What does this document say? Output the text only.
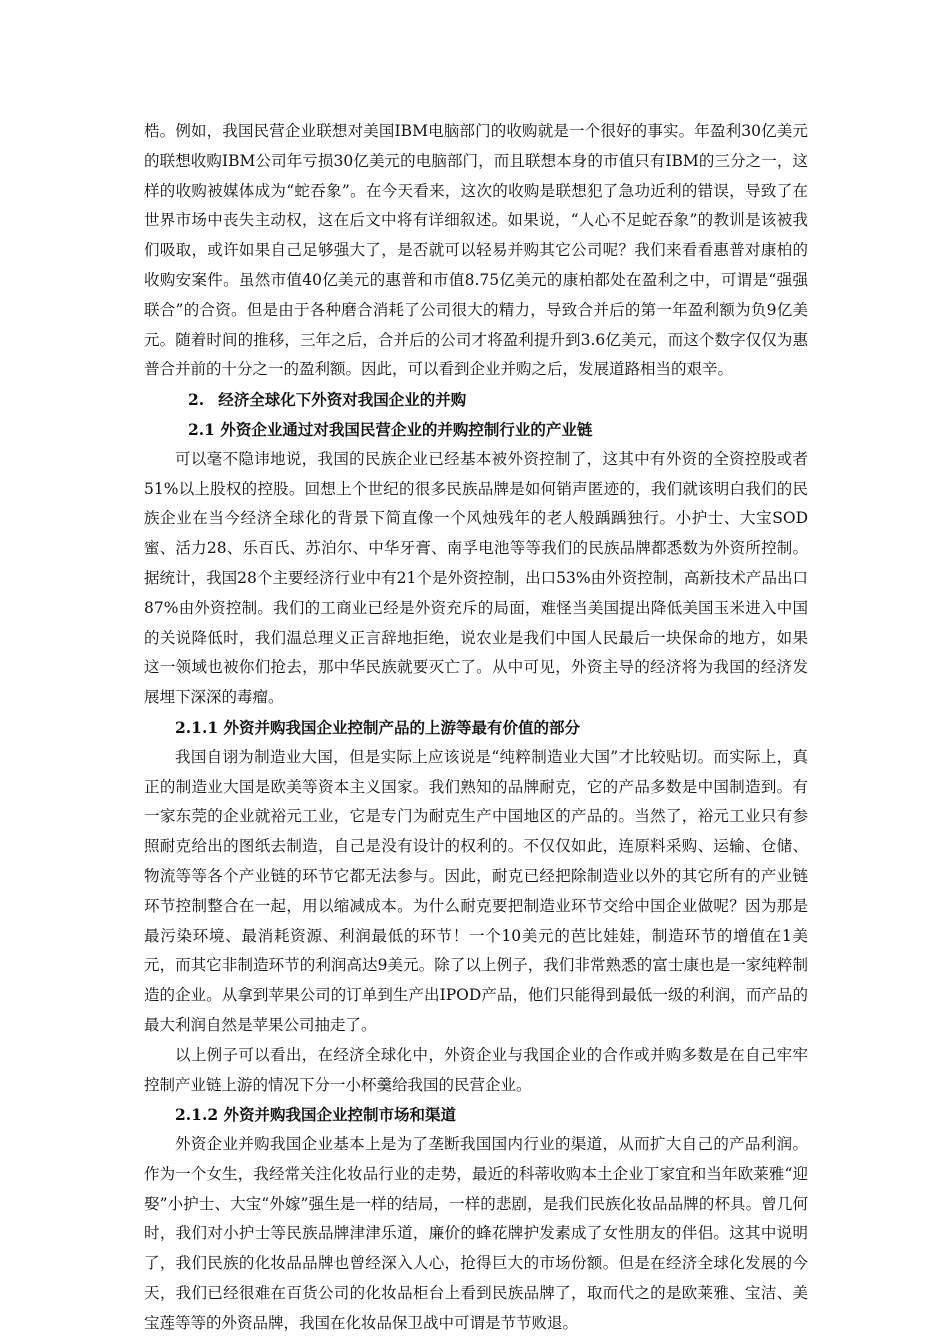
梏。例如，我国民营企业联想对美国IBM电脑部门的收购就是一个很好的事实。年盈利30亿美元的联想收购IBM公司年亏损30亿美元的电脑部门，而且联想本身的市值只有IBM的三分之一，这样的收购被媒体成为“蛇吞象”。在今天看来，这次的收购是联想犯了急功近利的错误，导致了在世界市场中丧失主动权，这在后文中将有详细叙述。如果说，“人心不足蛇吞象”的教训是该被我们吸取，或许如果自己足够强大了，是否就可以轻易并购其它公司呢？我们来看看惠普对康柏的收购安案件。虽然市值40亿美元的惠普和市值8.75亿美元的康柏都处在盈利之中，可谓是“强强联合”的合资。但是由于各种磨合消耗了公司很大的精力，导致合并后的第一年盈利额为负9亿美元。随着时间的推移，三年之后，合并后的公司才将盈利提升到3.6亿美元，而这个数字仅仅为惠普合并前的十分之一的盈利额。因此，可以看到企业并购之后，发展道路相当的艰辛。

2. 经济全球化下外资对我国企业的并购

2.1 外资企业通过对我国民营企业的并购控制行业的产业链

可以毫不隐讳地说，我国的民族企业已经基本被外资控制了，这其中有外资的全资控股或者51%以上股权的控股。回想上个世纪的很多民族品牌是如何销声匿迹的，我们就该明白我们的民族企业在当今经济全球化的背景下简直像一个风烛残年的老人般踽踽独行。小护士、大宝SOD蜜、活力28、乐百氏、苏泊尔、中华牙膏、南孚电池等等我们的民族品牌都悉数为外资所控制。据统计，我国28个主要经济行业中有21个是外资控制，出口53%由外资控制，高新技术产品出口87%由外资控制。我们的工商业已经是外资充斥的局面，难怪当美国提出降低美国玉米进入中国的关说降低时，我们温总理义正言辞地拒绝，说农业是我们中国人民最后一块保命的地方，如果这一领域也被你们抢去，那中华民族就要灭亡了。从中可见，外资主导的经济将为我国的经济发展埋下深深的毒瘤。

2.1.1 外资并购我国企业控制产品的上游等最有价值的部分

我国自诩为制造业大国，但是实际上应该说是“纯粹制造业大国”才比较贴切。而实际上，真正的制造业大国是欧美等资本主义国家。我们熟知的品牌耐克，它的产品多数是中国制造到。有一家东莞的企业就裕元工业，它是专门为耐克生产中国地区的产品的。当然了，裕元工业只有参照耐克给出的图纸去制造，自己是没有设计的权利的。不仅仅如此，连原料采购、运输、仓储、物流等等各个产业链的环节它都无法参与。因此，耐克已经把除制造业以外的其它所有的产业链环节控制整合在一起，用以缩减成本。为什么耐克要把制造业环节交给中国企业做呢？因为那是最污染环境、最消耗资源、利润最低的环节！一个10美元的芭比娃娃，制造环节的增值在1美元，而其它非制造环节的利润高达9美元。除了以上例子，我们非常熟悉的富士康也是一家纯粹制造的企业。从拿到苹果公司的订单到生产出IPOD产品，他们只能得到最低一级的利润，而产品的最大利润自然是苹果公司抽走了。

以上例子可以看出，在经济全球化中，外资企业与我国企业的合作或并购多数是在自己牢牢控制产业链上游的情况下分一小杯羹给我国的民营企业。

2.1.2 外资并购我国企业控制市场和渠道

外资企业并购我国企业基本上是为了垄断我国国内行业的渠道，从而扩大自己的产品利润。作为一个女生，我经常关注化妆品行业的走势，最近的科蒂收购本土企业丁家宜和当年欧莱雅“迎娶”小护士、大宝“外嫁”强生是一样的结局，一样的悲剧，是我们民族化妆品品牌的杯具。曾几何时，我们对小护士等民族品牌津津乐道，廉价的蜂花牌护发素成了女性朋友的伴侣。这其中说明了，我们民族的化妆品品牌也曾经深入人心，抢得巨大的市场份额。但是在经济全球化发展的今天，我们已经很难在百货公司的化妆品柜台上看到民族品牌了，取而代之的是欧莱雅、宝洁、美宝莲等等的外资品牌，我国在化妆品保卫战中可谓是节节败退。
